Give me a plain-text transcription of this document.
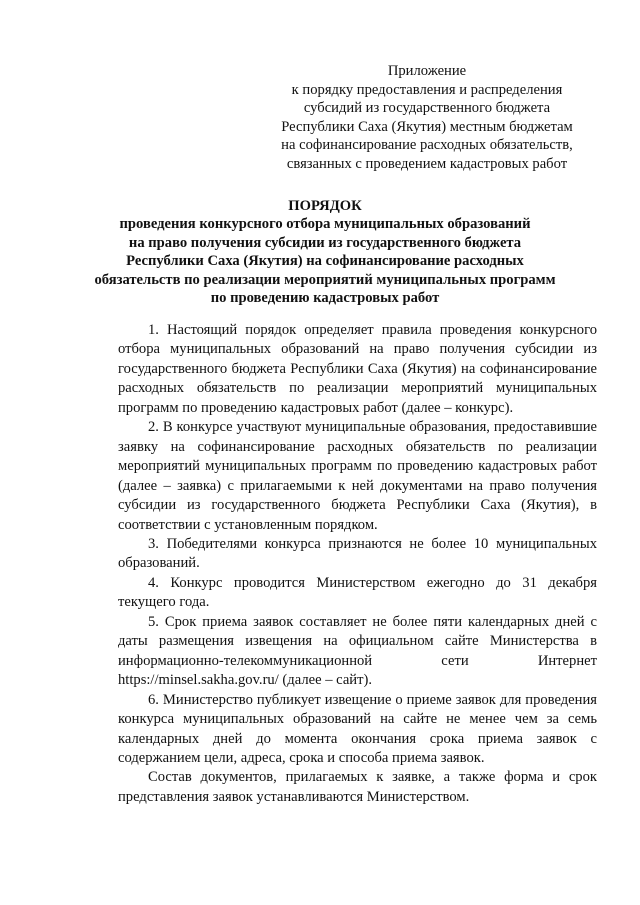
Приложение
к порядку предоставления и распределения
субсидий из государственного бюджета
Республики Саха (Якутия) местным бюджетам
на софинансирование расходных обязательств,
связанных с проведением кадастровых работ
ПОРЯДОК
проведения конкурсного отбора муниципальных образований
на право получения субсидии из государственного бюджета
Республики Саха (Якутия) на софинансирование расходных
обязательств по реализации мероприятий муниципальных программ
по проведению кадастровых работ

1. Настоящий порядок определяет правила проведения конкурсного отбора муниципальных образований на право получения субсидии из государственного бюджета Республики Саха (Якутия) на софинансирование расходных обязательств по реализации мероприятий муниципальных программ по проведению кадастровых работ (далее – конкурс).

2. В конкурсе участвуют муниципальные образования, предоставившие заявку на софинансирование расходных обязательств по реализации мероприятий муниципальных программ по проведению кадастровых работ (далее – заявка) с прилагаемыми к ней документами на право получения субсидии из государственного бюджета Республики Саха (Якутия), в соответствии с установленным порядком.

3. Победителями конкурса признаются не более 10 муниципальных образований.

4. Конкурс проводится Министерством ежегодно до 31 декабря текущего года.

5. Срок приема заявок составляет не более пяти календарных дней с даты размещения извещения на официальном сайте Министерства в информационно-телекоммуникационной сети Интернет https://minsel.sakha.gov.ru/ (далее – сайт).

6. Министерство публикует извещение о приеме заявок для проведения конкурса муниципальных образований на сайте не менее чем за семь календарных дней до момента окончания срока приема заявок с содержанием цели, адреса, срока и способа приема заявок.

Состав документов, прилагаемых к заявке, а также форма и срок представления заявок устанавливаются Министерством.
